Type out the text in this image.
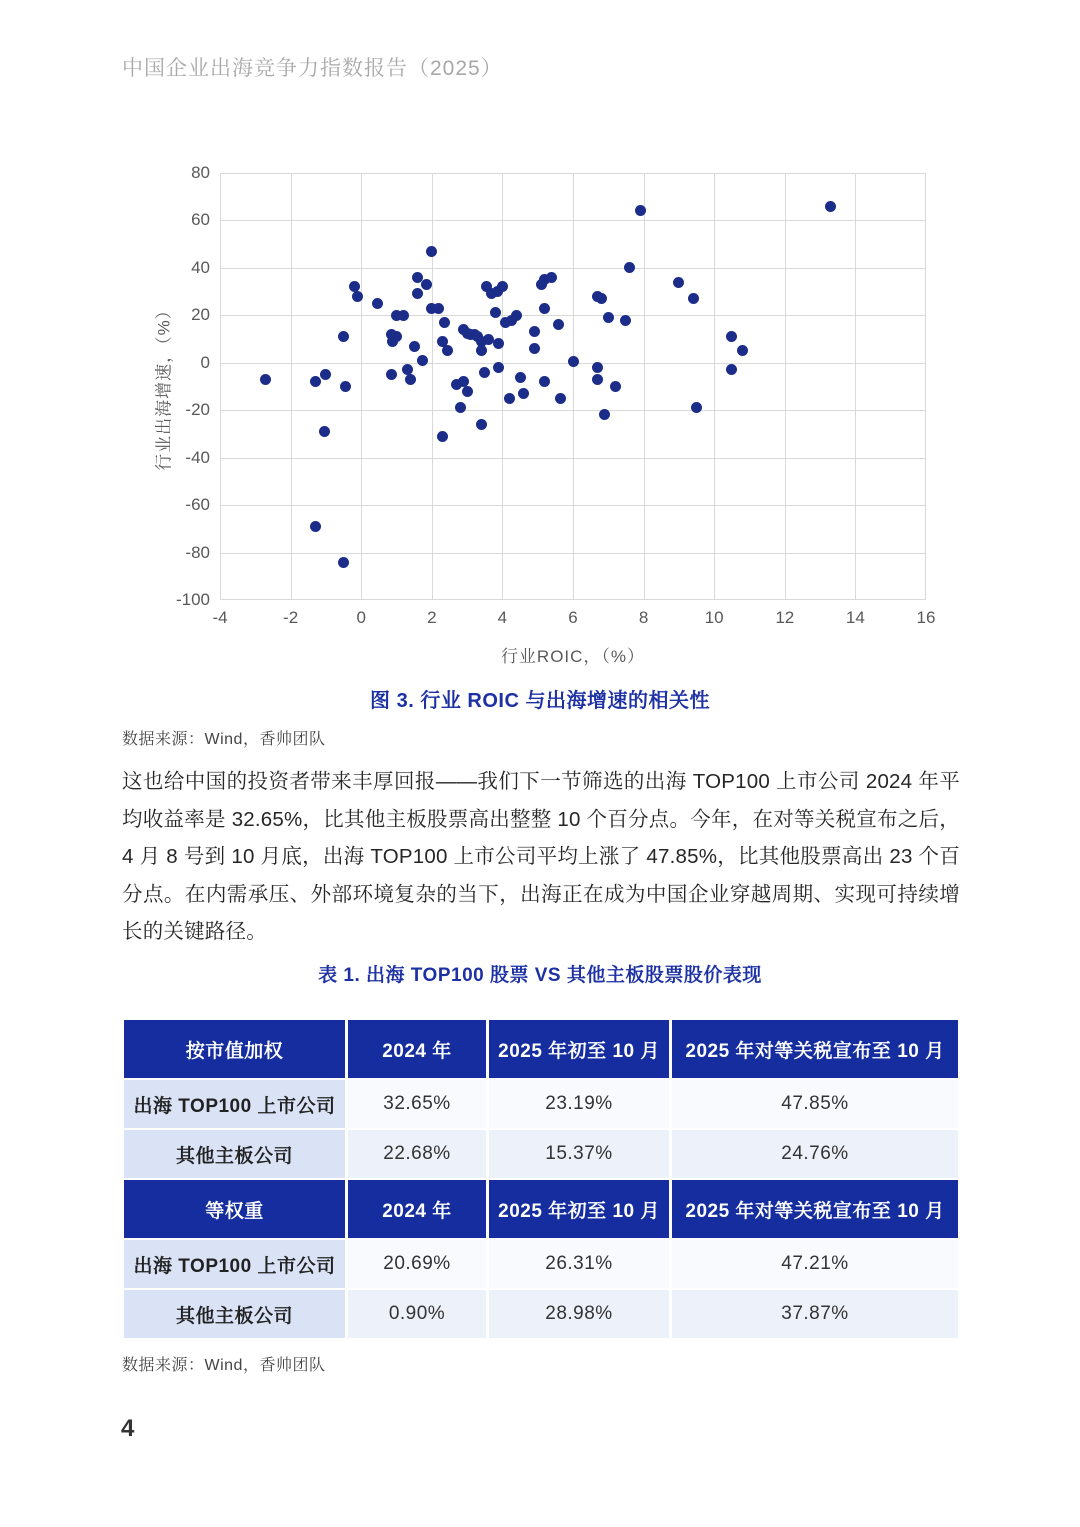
中国企业出海竞争力指数报告（2025）
行业出海增速，（%）
行业ROIC，（%）
-4	-2	0	2	4	6	8	10	12	14	16
80
60
40
20
0
-20
-40
-60
-80
-100
图 3. 行业 ROIC 与出海增速的相关性
数据来源：Wind，香帅团队

这也给中国的投资者带来丰厚回报——我们下一节筛选的出海 TOP100 上市公司 2024 年平均收益率是 32.65%，比其他主板股票高出整整 10 个百分点。今年，在对等关税宣布之后，4 月 8 号到 10 月底，出海 TOP100 上市公司平均上涨了 47.85%，比其他股票高出 23 个百分点。在内需承压、外部环境复杂的当下，出海正在成为中国企业穿越周期、实现可持续增长的关键路径。

表 1. 出海 TOP100 股票 VS 其他主板股票股价表现
按市值加权	2024 年	2025 年初至 10 月	2025 年对等关税宣布至 10 月
出海 TOP100 上市公司	32.65%	23.19%	47.85%
其他主板公司	22.68%	15.37%	24.76%
等权重	2024 年	2025 年初至 10 月	2025 年对等关税宣布至 10 月
出海 TOP100 上市公司	20.69%	26.31%	47.21%
其他主板公司	0.90%	28.98%	37.87%
数据来源：Wind，香帅团队
4
